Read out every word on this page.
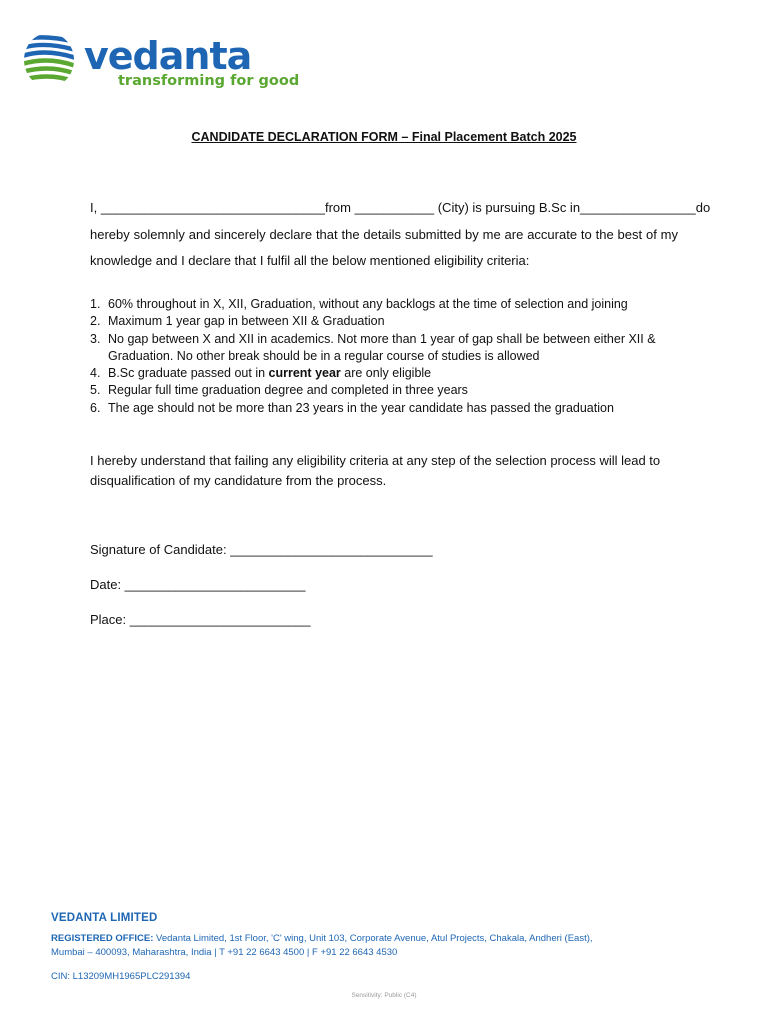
vedanta
transforming for good
CANDIDATE DECLARATION FORM – Final Placement Batch 2025
I, _______________________________ from ___________ (City) is pursuing B.Sc in ________________ do
hereby solemnly and sincerely declare that the details submitted by me are accurate to the best of my
knowledge and I declare that I fulfil all the below mentioned eligibility criteria:
1. 60% throughout in X, XII, Graduation, without any backlogs at the time of selection and joining
2. Maximum 1 year gap in between XII & Graduation
3. No gap between X and XII in academics. Not more than 1 year of gap shall be between either XII & Graduation. No other break should be in a regular course of studies is allowed
4. B.Sc graduate passed out in current year are only eligible
5. Regular full time graduation degree and completed in three years
6. The age should not be more than 23 years in the year candidate has passed the graduation
I hereby understand that failing any eligibility criteria at any step of the selection process will lead to disqualification of my candidature from the process.
Signature of Candidate: ____________________________
Date: _________________________
Place: _________________________
VEDANTA LIMITED
REGISTERED OFFICE: Vedanta Limited, 1st Floor, 'C' wing, Unit 103, Corporate Avenue, Atul Projects, Chakala, Andheri (East),
Mumbai – 400093, Maharashtra, India | T +91 22 6643 4500 | F +91 22 6643 4530
CIN: L13209MH1965PLC291394
Sensitivity: Public (C4)
